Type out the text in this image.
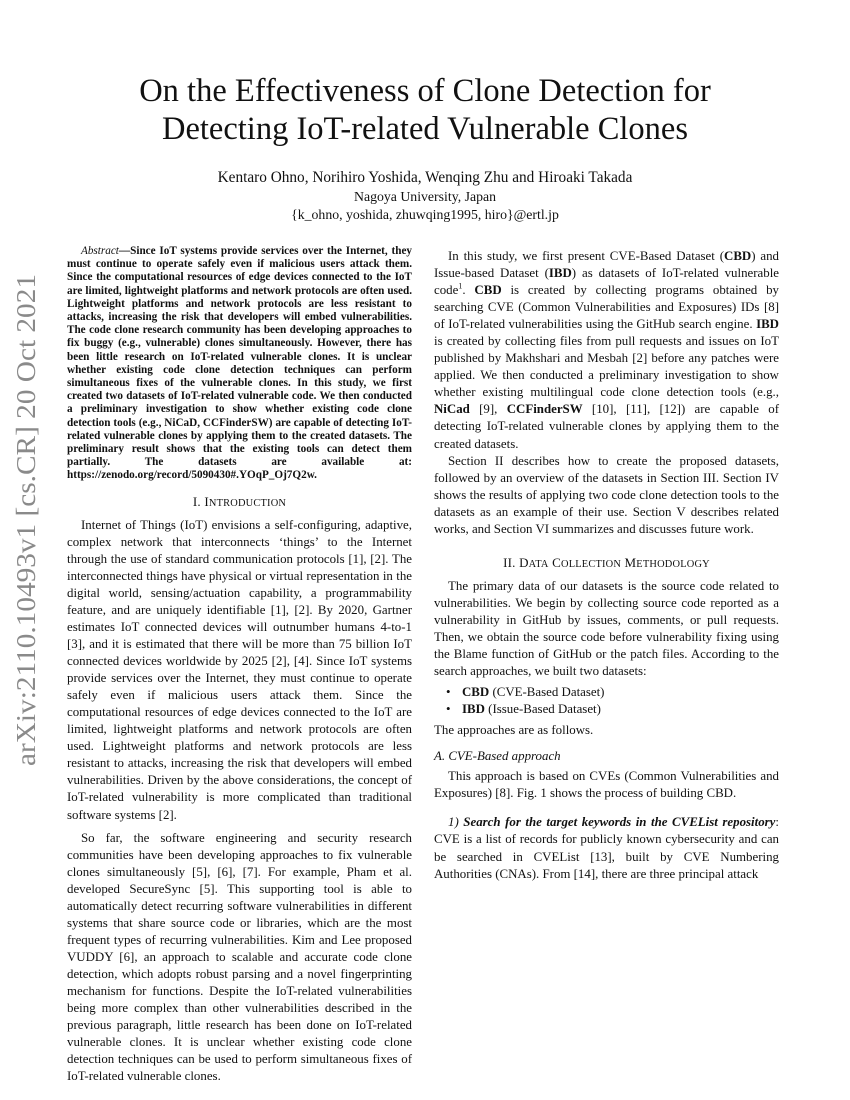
arXiv:2110.10493v1 [cs.CR] 20 Oct 2021
On the Effectiveness of Clone Detection for
Detecting IoT-related Vulnerable Clones
Kentaro Ohno, Norihiro Yoshida, Wenqing Zhu and Hiroaki Takada
Nagoya University, Japan
{k_ohno, yoshida, zhuwqing1995, hiro}@ertl.jp

Abstract—Since IoT systems provide services over the Internet, they must continue to operate safely even if malicious users attack them. Since the computational resources of edge devices connected to the IoT are limited, lightweight platforms and network protocols are often used. Lightweight platforms and network protocols are less resistant to attacks, increasing the risk that developers will embed vulnerabilities. The code clone research community has been developing approaches to fix buggy (e.g., vulnerable) clones simultaneously. However, there has been little research on IoT-related vulnerable clones. It is unclear whether existing code clone detection techniques can perform simultaneous fixes of the vulnerable clones. In this study, we first created two datasets of IoT-related vulnerable code. We then conducted a preliminary investigation to show whether existing code clone detection tools (e.g., NiCaD, CCFinderSW) are capable of detecting IoT-related vulnerable clones by applying them to the created datasets. The preliminary result shows that the existing tools can detect them partially. The datasets are available at: https://zenodo.org/record/5090430#.YOqP_Oj7Q2w.

I. INTRODUCTION

Internet of Things (IoT) envisions a self-configuring, adaptive, complex network that interconnects ‘things’ to the Internet through the use of standard communication protocols [1], [2]. The interconnected things have physical or virtual representation in the digital world, sensing/actuation capability, a programmability feature, and are uniquely identifiable [1], [2]. By 2020, Gartner estimates IoT connected devices will outnumber humans 4-to-1 [3], and it is estimated that there will be more than 75 billion IoT connected devices worldwide by 2025 [2], [4]. Since IoT systems provide services over the Internet, they must continue to operate safely even if malicious users attack them. Since the computational resources of edge devices connected to the IoT are limited, lightweight platforms and network protocols are often used. Lightweight platforms and network protocols are less resistant to attacks, increasing the risk that developers will embed vulnerabilities. Driven by the above considerations, the concept of IoT-related vulnerability is more complicated than traditional software systems [2].

So far, the software engineering and security research communities have been developing approaches to fix vulnerable clones simultaneously [5], [6], [7]. For example, Pham et al. developed SecureSync [5]. This supporting tool is able to automatically detect recurring software vulnerabilities in different systems that share source code or libraries, which are the most frequent types of recurring vulnerabilities. Kim and Lee proposed VUDDY [6], an approach to scalable and accurate code clone detection, which adopts robust parsing and a novel fingerprinting mechanism for functions. Despite the IoT-related vulnerabilities being more complex than other vulnerabilities described in the previous paragraph, little research has been done on IoT-related vulnerable clones. It is unclear whether existing code clone detection techniques can be used to perform simultaneous fixes of IoT-related vulnerable clones.

In this study, we first present CVE-Based Dataset (CBD) and Issue-based Dataset (IBD) as datasets of IoT-related vulnerable code$^1$. CBD is created by collecting programs obtained by searching CVE (Common Vulnerabilities and Exposures) IDs [8] of IoT-related vulnerabilities using the GitHub search engine. IBD is created by collecting files from pull requests and issues on IoT published by Makhshari and Mesbah [2] before any patches were applied. We then conducted a preliminary investigation to show whether existing multilingual code clone detection tools (e.g., NiCad [9], CCFinderSW [10], [11], [12]) are capable of detecting IoT-related vulnerable clones by applying them to the created datasets.

Section II describes how to create the proposed datasets, followed by an overview of the datasets in Section III. Section IV shows the results of applying two code clone detection tools to the datasets as an example of their use. Section V describes related works, and Section VI summarizes and discusses future work.

II. DATA COLLECTION METHODOLOGY

The primary data of our datasets is the source code related to vulnerabilities. We begin by collecting source code reported as a vulnerability in GitHub by issues, comments, or pull requests. Then, we obtain the source code before vulnerability fixing using the Blame function of GitHub or the patch files. According to the search approaches, we built two datasets:

• CBD (CVE-Based Dataset)
• IBD (Issue-Based Dataset)

The approaches are as follows.

A. CVE-Based approach

This approach is based on CVEs (Common Vulnerabilities and Exposures) [8]. Fig. 1 shows the process of building CBD.

1) Search for the target keywords in the CVEList repository: CVE is a list of records for publicly known cybersecurity and can be searched in CVEList [13], built by CVE Numbering Authorities (CNAs). From [14], there are three principal attack
